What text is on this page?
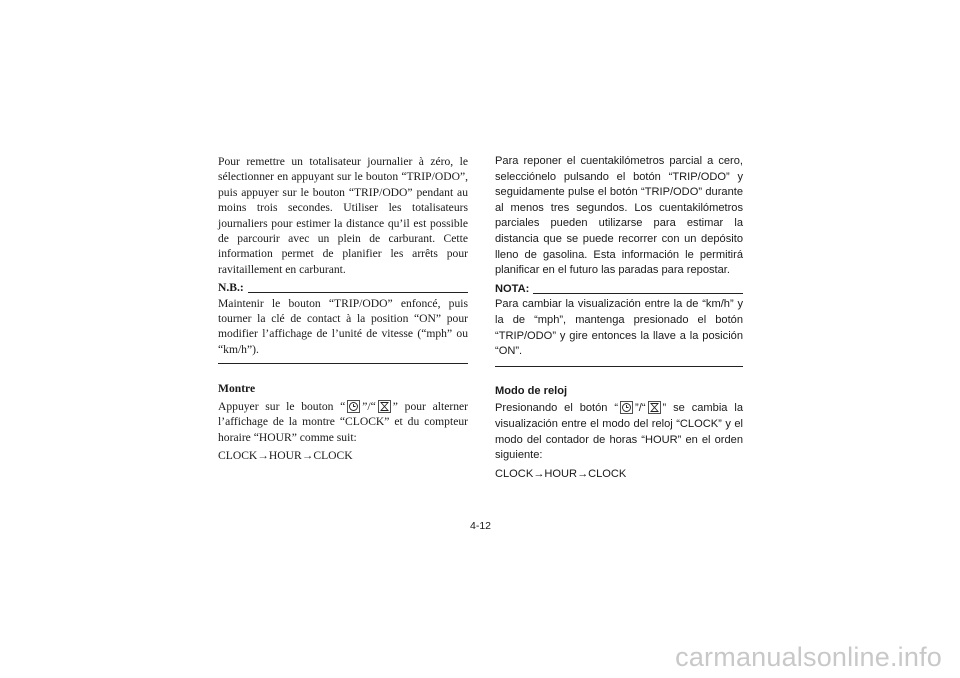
Pour remettre un totalisateur journalier à zéro, le sélectionner en appuyant sur le bouton “TRIP/ODO”, puis appuyer sur le bouton “TRIP/ODO” pendant au moins trois secondes. Utiliser les totalisateurs journaliers pour estimer la distance qu’il est possible de parcourir avec un plein de carburant. Cette information permet de planifier les arrêts pour ravitaillement en carburant.

N.B.:

Maintenir le bouton “TRIP/ODO” enfoncé, puis tourner la clé de contact à la position “ON” pour modifier l’affichage de l’unité de vitesse (“mph” ou “km/h”).

Montre

Appuyer sur le bouton “ ”/“ ” pour alterner l’affichage de la montre “CLOCK” et du compteur horaire “HOUR” comme suit:

CLOCK→HOUR→CLOCK

Para reponer el cuentakilómetros parcial a cero, selecciónelo pulsando el botón “TRIP/ODO” y seguidamente pulse el botón “TRIP/ODO” durante al menos tres segundos. Los cuentakilómetros parciales pueden utilizarse para estimar la distancia que se puede recorrer con un depósito lleno de gasolina. Esta información le permitirá planificar en el futuro las paradas para repostar.

NOTA:

Para cambiar la visualización entre la de “km/h” y la de “mph”, mantenga presionado el botón “TRIP/ODO” y gire entonces la llave a la posición “ON”.

Modo de reloj

Presionando el botón “ ”/“ ” se cambia la visualización entre el modo del reloj “CLOCK” y el modo del contador de horas “HOUR” en el orden siguiente:

CLOCK→HOUR→CLOCK

4-12
carmanualsonline.info
